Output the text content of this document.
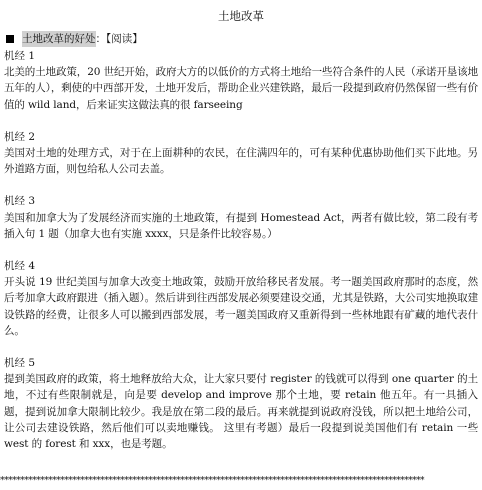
土地改革
土地改革的好处 ：【阅读】
机经 1

北美的土地政策，20 世纪开始，政府大方的以低价的方式将土地给一些符合条件的人民（承诺开垦该地五年的人），剩使的中西部开发，土地开发后，帮助企业兴建铁路，最后一段提到政府仍然保留一些有价值的 wild land，后来证实这做法真的很 farseeing

机经 2

美国对土地的处理方式，对于在上面耕种的农民，在住满四年的，可有某种优惠协助他们买下此地。另外道路方面，则包给私人公司去盖。

机经 3

美国和加拿大为了发展经济而实施的土地政策，有提到 Homestead Act，两者有做比较，第二段有考插入句 1 题（加拿大也有实施 xxxx，只是条件比较容易。）

机经 4

开头说 19 世纪美国与加拿大改变土地政策，鼓励开放给移民者发展。考一题美国政府那时的态度，然后考加拿大政府跟进（插入题）。然后讲到往西部发展必须要建设交通，尤其是铁路，大公司实地换取建设铁路的经费，让很多人可以搬到西部发展，考一题美国政府又重新得到一些林地跟有矿藏的地代表什么。

机经 5

提到美国政府的政策，将土地释放给大众，让大家只要付 register 的钱就可以得到 one quarter 的土地，不过有些限制就是，向是要 develop and improve 那个土地，要 retain 他五年。有一具插入题，提到说加拿大限制比较少。我是放在第二段的最后。再来就提到说政府没钱，所以把土地给公司，让公司去建设铁路，然后他们可以卖地赚钱。 这里有考题）最后一段提到说美国他们有 retain 一些 west 的 forest 和 xxx，也是考题。

**********************************************************************************************************
